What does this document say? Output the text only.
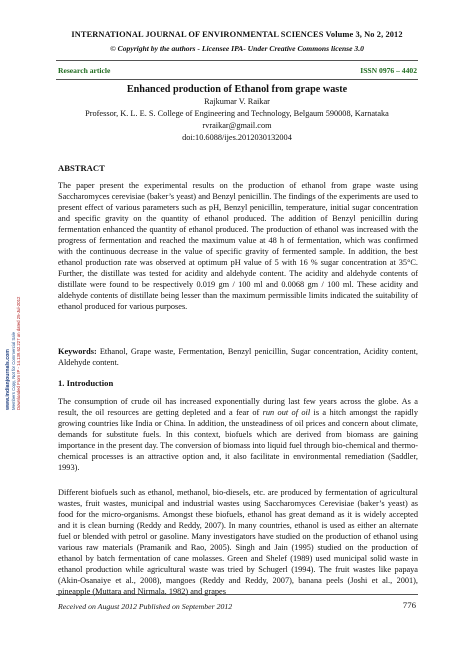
INTERNATIONAL JOURNAL OF ENVIRONMENTAL SCIENCES Volume 3, No 2, 2012
© Copyright by the authors - Licensee IPA- Under Creative Commons license 3.0
Research article	ISSN 0976 – 4402
Enhanced production of Ethanol from grape waste
Rajkumar V. Raikar
Professor, K. L. E. S. College of Engineering and Technology, Belgaum 590008, Karnataka
rvraikar@gmail.com
doi:10.6088/ijes.2012030132004
ABSTRACT

The paper present the experimental results on the production of ethanol from grape waste using Saccharomyces cerevisiae (baker’s yeast) and Benzyl penicillin. The findings of the experiments are used to present effect of various parameters such as pH, Benzyl penicillin, temperature, initial sugar concentration and specific gravity on the quantity of ethanol produced. The addition of Benzyl penicillin during fermentation enhanced the quantity of ethanol produced. The production of ethanol was increased with the progress of fermentation and reached the maximum value at 48 h of fermentation, which was confirmed with the continuous decrease in the value of specific gravity of fermented sample. In addition, the best ethanol production rate was observed at optimum pH value of 5 with 16 % sugar concentration at 35°C. Further, the distillate was tested for acidity and aldehyde content. The acidity and aldehyde contents of distillate were found to be respectively 0.019 gm / 100 ml and 0.0068 gm / 100 ml. These acidity and aldehyde contents of distillate being lesser than the maximum permissible limits indicated the suitability of ethanol produced for various purposes.

Keywords: Ethanol, Grape waste, Fermentation, Benzyl penicillin, Sugar concentration, Acidity content, Aldehyde content.

1. Introduction

The consumption of crude oil has increased exponentially during last few years across the globe. As a result, the oil resources are getting depleted and a fear of run out of oil is a hitch amongst the rapidly growing countries like India or China. In addition, the unsteadiness of oil prices and concern about climate, demands for substitute fuels. In this context, biofuels which are derived from biomass are gaining importance in the present day. The conversion of biomass into liquid fuel through bio-chemical and thermo-chemical processes is an attractive option and, it also facilitate in environmental remediation (Saddler, 1993).

Different biofuels such as ethanol, methanol, bio-diesels, etc. are produced by fermentation of agricultural wastes, fruit wastes, municipal and industrial wastes using Saccharomyces Cerevisiae (baker’s yeast) as food for the micro-organisms. Amongst these biofuels, ethanol has great demand as it is widely accepted and it is clean burning (Reddy and Reddy, 2007). In many countries, ethanol is used as either an alternate fuel or blended with petrol or gasoline. Many investigators have studied on the production of ethanol using various raw materials (Pramanik and Rao, 2005). Singh and Jain (1995) studied on the production of ethanol by batch fermentation of cane molasses. Green and Shelef (1989) used municipal solid waste in ethanol production while agricultural waste was tried by Schugerl (1994). The fruit wastes like papaya (Akin-Osanaiye et al., 2008), mangoes (Reddy and Reddy, 2007), banana peels (Joshi et al., 2001), pineapple (Muttara and Nirmala, 1982) and grapes

www.indianjournals.com Members Copy, Not for Commercial Sale Downloaded From IP - 14.139.62.227 on dated 25-Jul-2012
Received on August 2012 Published on September 2012	776
